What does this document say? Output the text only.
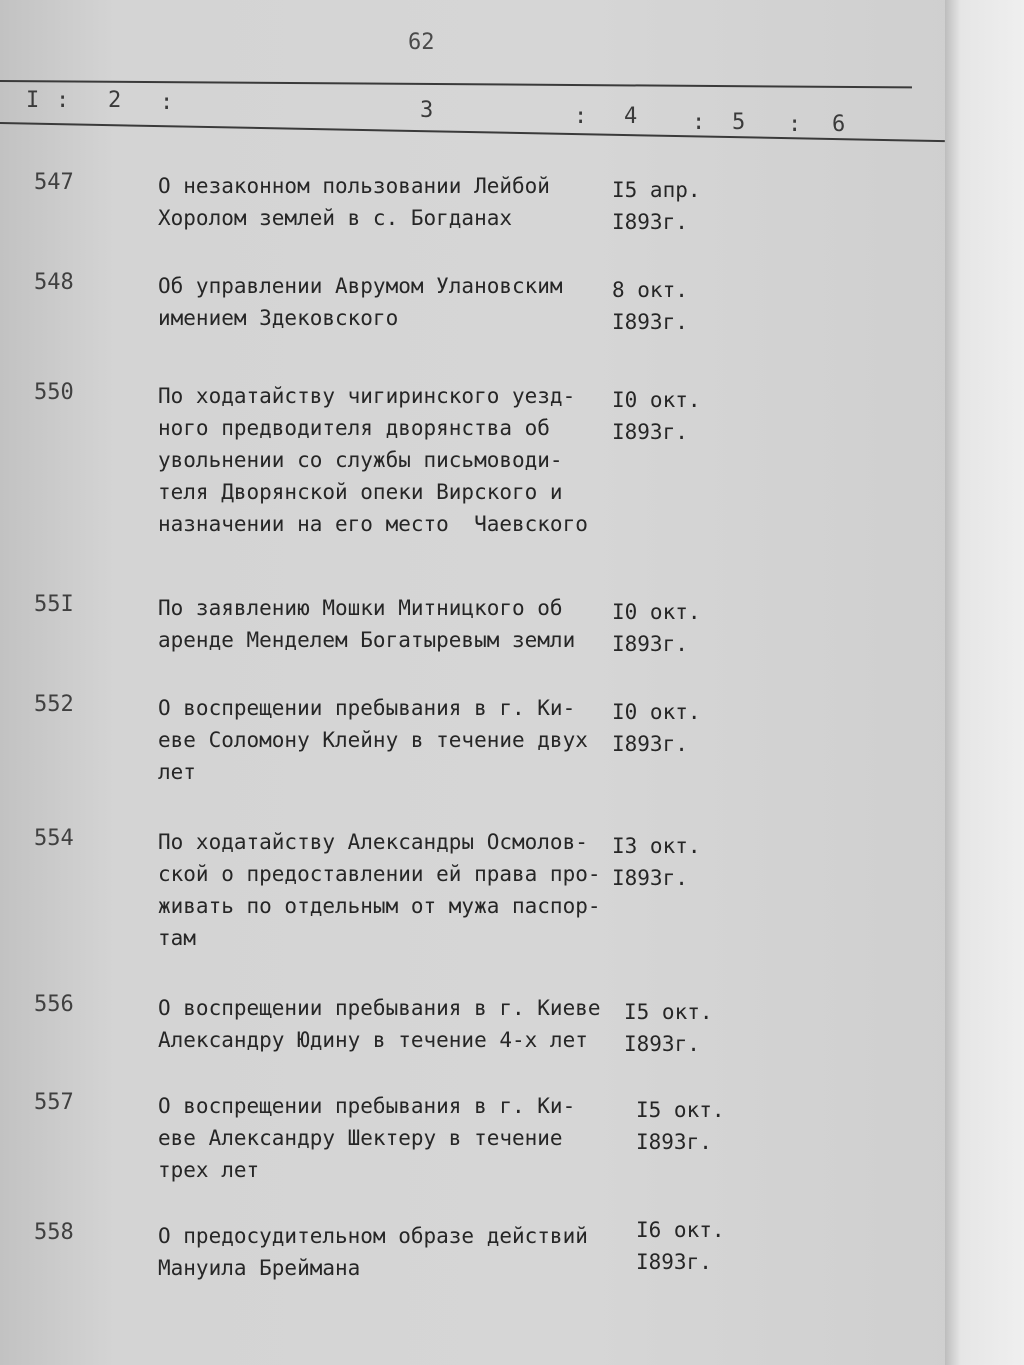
62
I : 2 :	3	: 4 : 5 : 6
547	О незаконном пользовании Лейбой
Хоролом землей в с. Богданах
I5 апр.
I893г.
548	Об управлении Аврумом Улановским
имением Здековского
8 окт.
I893г.
550	По ходатайству чигиринского уезд-
ного предводителя дворянства об
увольнении со службы письмоводи-
теля Дворянской опеки Вирского и
назначении на его место  Чаевского
I0 окт.
I893г.
55I	По заявлению Мошки Митницкого об
аренде Менделем Богатыревым земли
I0 окт.
I893г.
552	О воспрещении пребывания в г. Ки-
еве Соломону Клейну в течение двух
лет
I0 окт.
I893г.
554	По ходатайству Александры Осмолов-
ской о предоставлении ей права про-
живать по отдельным от мужа паспор-
там
I3 окт.
I893г.
556	О воспрещении пребывания в г. Киеве
Александру Юдину в течение 4-х лет
I5 окт.
I893г.
557	О воспрещении пребывания в г. Ки-
еве Александру Шектеру в течение
трех лет
I5 окт.
I893г.
558	О предосудительном образе действий
Мануила Бреймана
I6 окт.
I893г.
